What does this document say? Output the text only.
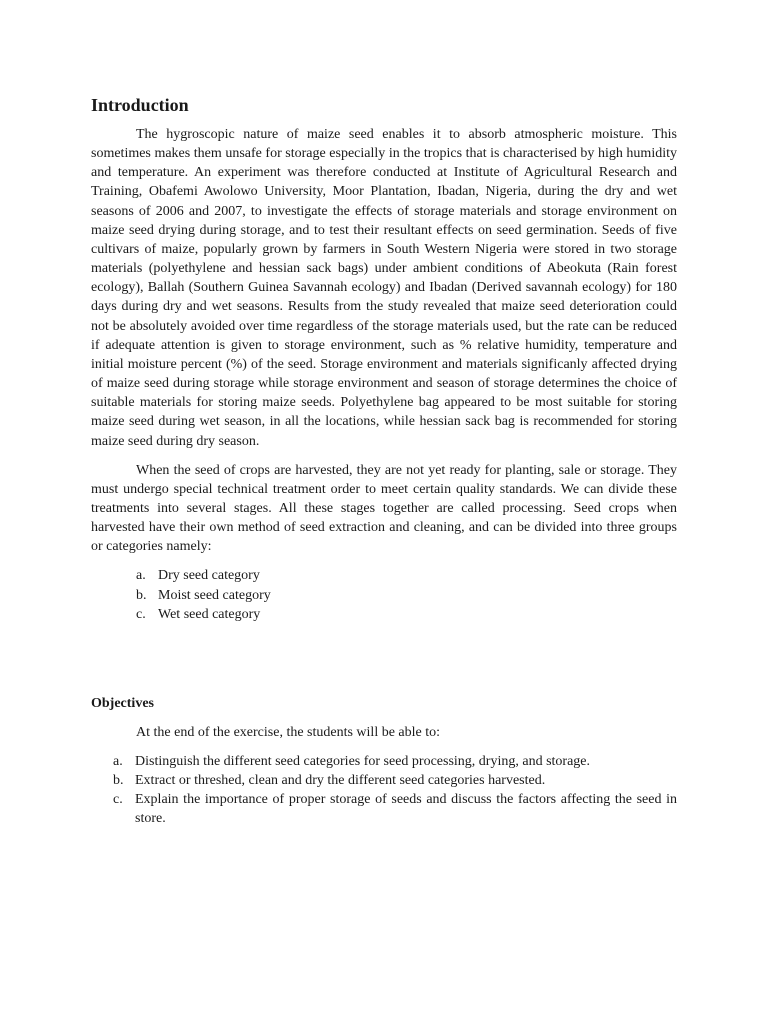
Introduction

The hygroscopic nature of maize seed enables it to absorb atmospheric moisture. This sometimes makes them unsafe for storage especially in the tropics that is characterised by high humidity and temperature. An experiment was therefore conducted at Institute of Agricultural Research and Training, Obafemi Awolowo University, Moor Plantation, Ibadan, Nigeria, during the dry and wet seasons of 2006 and 2007, to investigate the effects of storage materials and storage environment on maize seed drying during storage, and to test their resultant effects on seed germination. Seeds of five cultivars of maize, popularly grown by farmers in South Western Nigeria were stored in two storage materials (polyethylene and hessian sack bags) under ambient conditions of Abeokuta (Rain forest ecology), Ballah (Southern Guinea Savannah ecology) and Ibadan (Derived savannah ecology) for 180 days during dry and wet seasons. Results from the study revealed that maize seed deterioration could not be absolutely avoided over time regardless of the storage materials used, but the rate can be reduced if adequate attention is given to storage environment, such as % relative humidity, temperature and initial moisture percent (%) of the seed. Storage environment and materials significanly affected drying of maize seed during storage while storage environment and season of storage determines the choice of suitable materials for storing maize seeds. Polyethylene bag appeared to be most suitable for storing maize seed during wet season, in all the locations, while hessian sack bag is recommended for storing maize seed during dry season.

When the seed of crops are harvested, they are not yet ready for planting, sale or storage. They must undergo special technical treatment order to meet certain quality standards. We can divide these treatments into several stages. All these stages together are called processing. Seed crops when harvested have their own method of seed extraction and cleaning, and can be divided into three groups or categories namely:

a. Dry seed category
b. Moist seed category
c. Wet seed category
Objectives

At the end of the exercise, the students will be able to:

a. Distinguish the different seed categories for seed processing, drying, and storage.
b. Extract or threshed, clean and dry the different seed categories harvested.
c. Explain the importance of proper storage of seeds and discuss the factors affecting the seed in store.
